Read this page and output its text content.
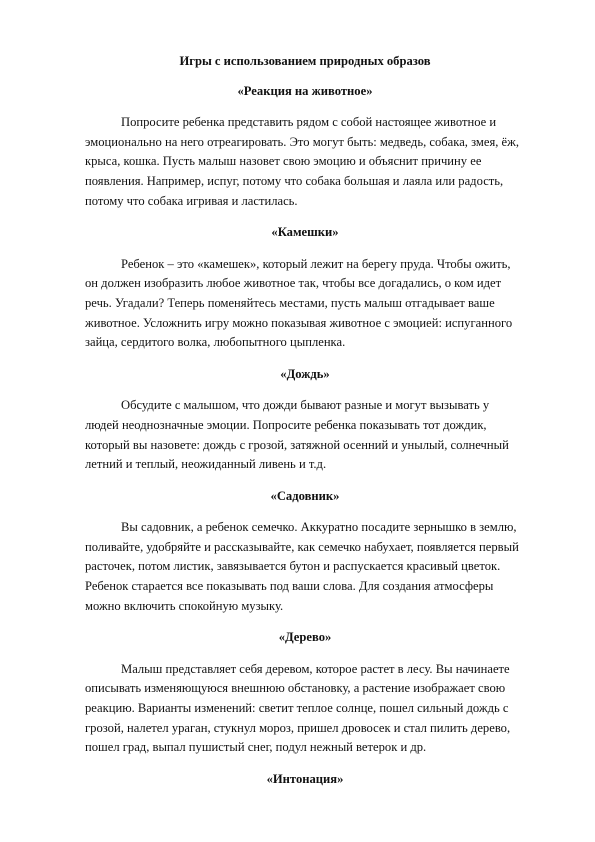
Игры с использованием природных образов
«Реакция на животное»
Попросите ребенка представить рядом с собой настоящее животное и эмоционально на него отреагировать. Это могут быть: медведь, собака, змея, ёж, крыса, кошка. Пусть малыш назовет свою эмоцию и объяснит причину ее появления. Например, испуг, потому что собака большая и лаяла или радость, потому что собака игривая и ластилась.
«Камешки»
Ребенок – это «камешек», который лежит на берегу пруда. Чтобы ожить, он должен изобразить любое животное так, чтобы все догадались, о ком идет речь. Угадали? Теперь поменяйтесь местами, пусть малыш отгадывает ваше животное. Усложнить игру можно показывая животное с эмоцией: испуганного зайца, сердитого волка, любопытного цыпленка.
«Дождь»
Обсудите с малышом, что дожди бывают разные и могут вызывать у людей неоднозначные эмоции. Попросите ребенка показывать тот дождик, который вы назовете: дождь с грозой, затяжной осенний и унылый, солнечный летний и теплый, неожиданный ливень и т.д.
«Садовник»
Вы садовник, а ребенок семечко. Аккуратно посадите зернышко в землю, поливайте, удобряйте и рассказывайте, как семечко набухает, появляется первый расточек, потом листик, завязывается бутон и распускается красивый цветок. Ребенок старается все показывать под ваши слова. Для создания атмосферы можно включить спокойную музыку.
«Дерево»
Малыш представляет себя деревом, которое растет в лесу. Вы начинаете описывать изменяющуюся внешнюю обстановку, а растение изображает свою реакцию. Варианты изменений: светит теплое солнце, пошел сильный дождь с грозой, налетел ураган, стукнул мороз, пришел дровосек и стал пилить дерево, пошел град, выпал пушистый снег, подул нежный ветерок и др.
«Интонация»
